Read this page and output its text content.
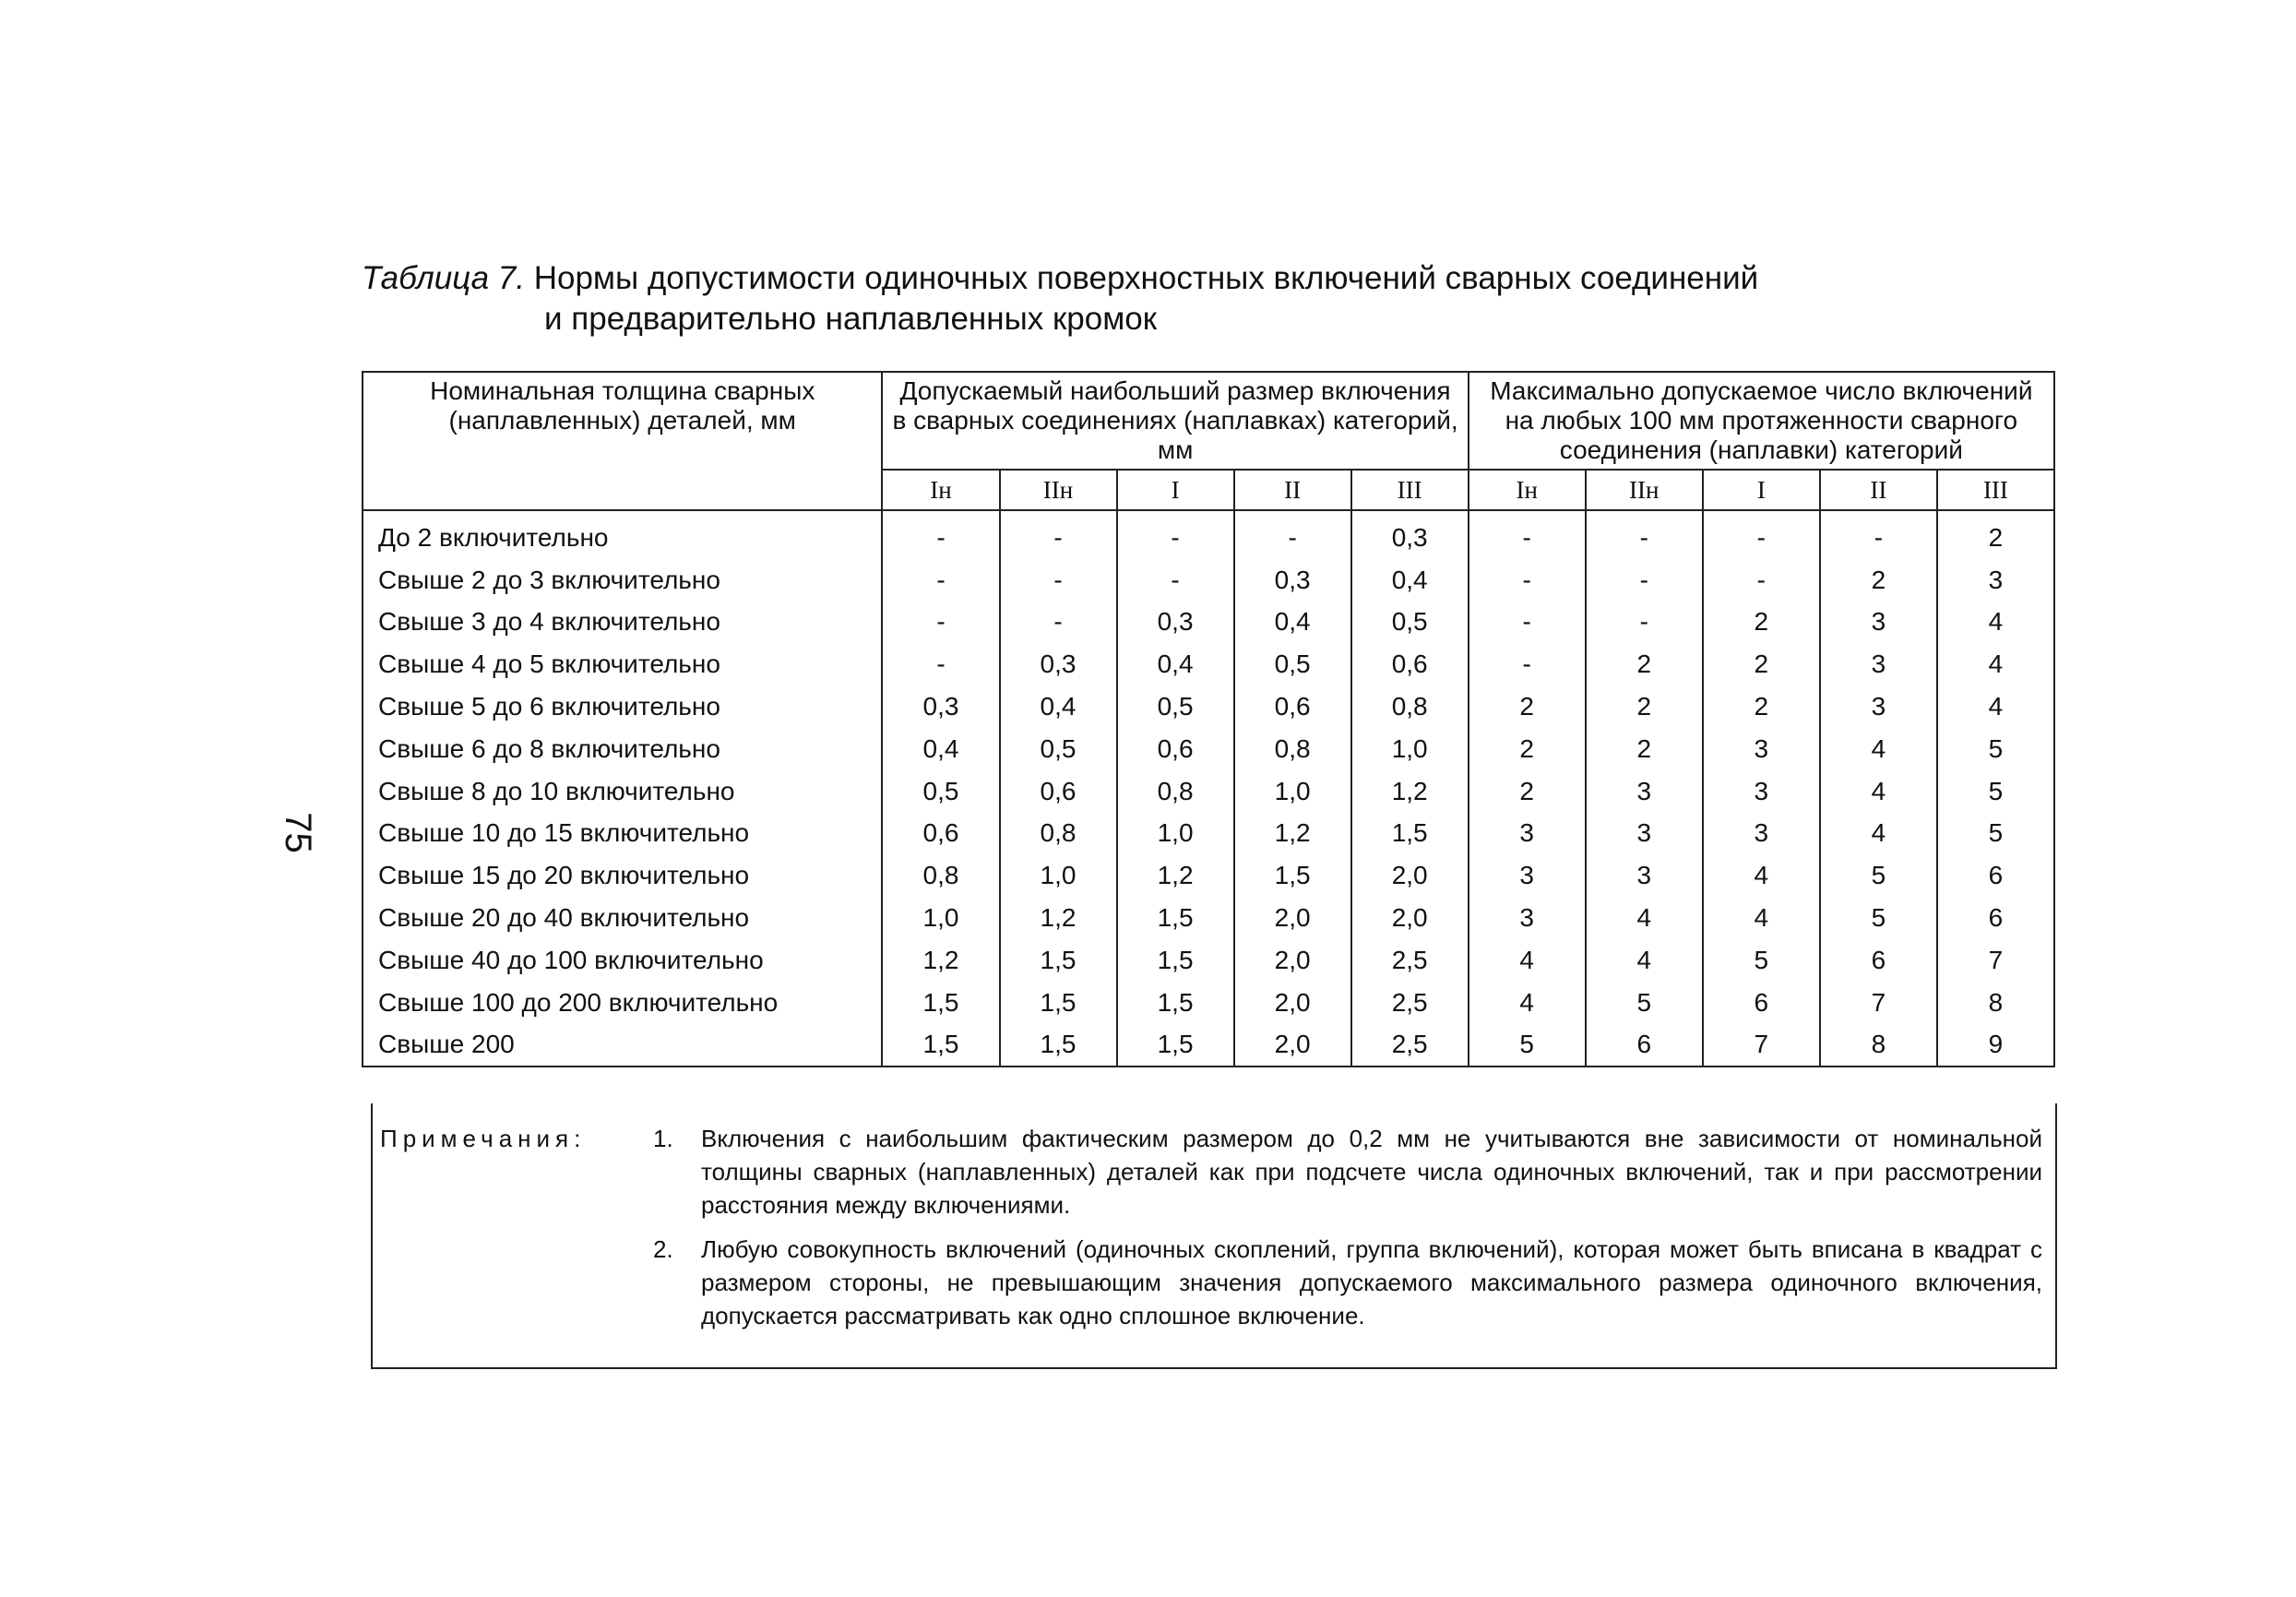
75
Таблица 7. Нормы допустимости одиночных поверхностных включений сварных соединений
и предварительно наплавленных кромок
Номинальная толщина сварных (наплавленных) деталей, мм	Допускаемый наибольший размер включения в сварных соединениях (наплавках) категорий, мм					Максимально допускаемое число включений на любых 100 мм протяженности сварного соединения (наплавки) категорий				
	Iн	IIн	I	II	III	Iн	IIн	I	II	III
До 2 включительно	-	-	-	-	0,3	-	-	-	-	2
Свыше 2 до 3 включительно	-	-	-	0,3	0,4	-	-	-	2	3
Свыше 3 до 4 включительно	-	-	0,3	0,4	0,5	-	-	2	3	4
Свыше 4 до 5 включительно	-	0,3	0,4	0,5	0,6	-	2	2	3	4
Свыше 5 до 6 включительно	0,3	0,4	0,5	0,6	0,8	2	2	2	3	4
Свыше 6 до 8 включительно	0,4	0,5	0,6	0,8	1,0	2	2	3	4	5
Свыше 8 до 10 включительно	0,5	0,6	0,8	1,0	1,2	2	3	3	4	5
Свыше 10 до 15 включительно	0,6	0,8	1,0	1,2	1,5	3	3	3	4	5
Свыше 15 до 20 включительно	0,8	1,0	1,2	1,5	2,0	3	3	4	5	6
Свыше 20 до 40 включительно	1,0	1,2	1,5	2,0	2,0	3	4	4	5	6
Свыше 40 до 100 включительно	1,2	1,5	1,5	2,0	2,5	4	4	5	6	7
Свыше 100 до 200 включительно	1,5	1,5	1,5	2,0	2,5	4	5	6	7	8
Свыше 200	1,5	1,5	1,5	2,0	2,5	5	6	7	8	9
Примечания:	1. Включения с наибольшим фактическим размером до 0,2 мм не учитываются вне зависимости от номинальной толщины сварных (наплавленных) деталей как при подсчете числа одиночных включений, так и при рассмотрении расстояния между включениями.
2. Любую совокупность включений (одиночных скоплений, группа включений), которая может быть вписана в квадрат с размером стороны, не превышающим значения допускаемого максимального размера одиночного включения, допускается рассматривать как одно сплошное включение.
